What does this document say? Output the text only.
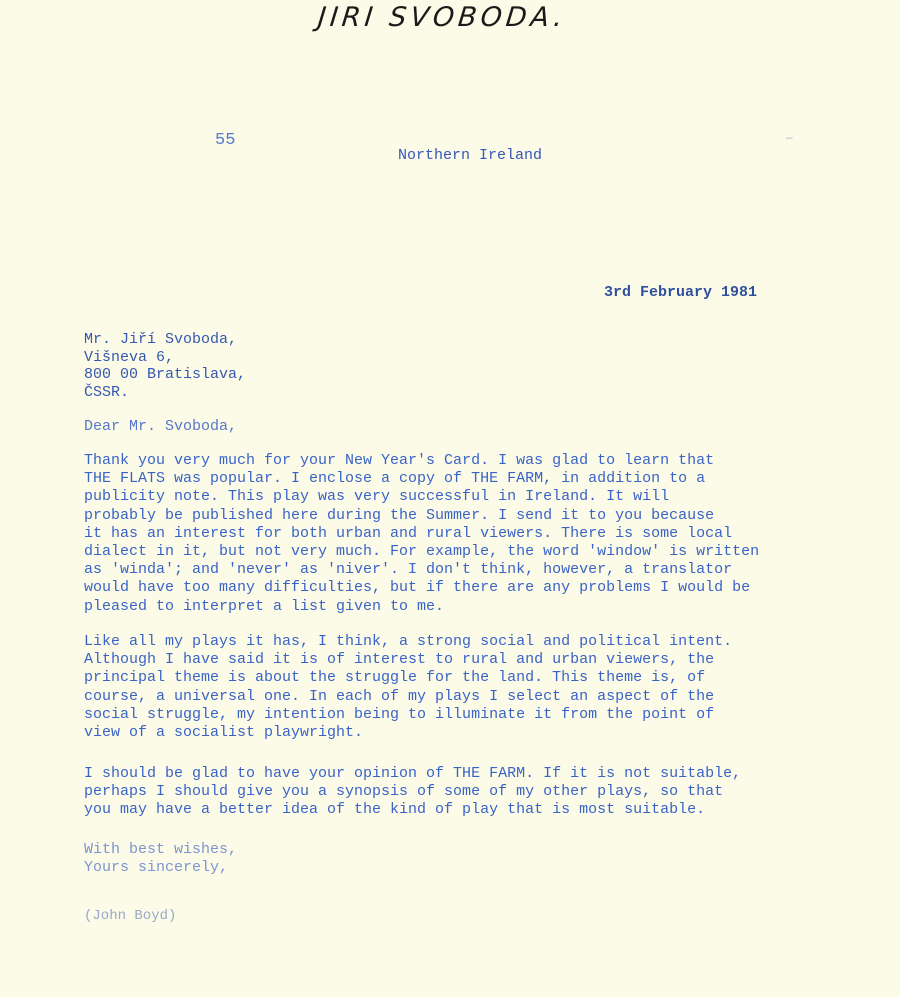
JIRI SVOBODA.
55
Northern Ireland
—
3rd February 1981
Mr. Jiří Svoboda,
Višneva 6,
800 00 Bratislava,
ČSSR.
Dear Mr. Svoboda,
Thank you very much for your New Year's Card. I was glad to learn that
THE FLATS was popular. I enclose a copy of THE FARM, in addition to a
publicity note. This play was very successful in Ireland. It will
probably be published here during the Summer. I send it to you because
it has an interest for both urban and rural viewers. There is some local
dialect in it, but not very much. For example, the word 'window' is written
as 'winda'; and 'never' as 'niver'. I don't think, however, a translator
would have too many difficulties, but if there are any problems I would be
pleased to interpret a list given to me.
Like all my plays it has, I think, a strong social and political intent.
Although I have said it is of interest to rural and urban viewers, the
principal theme is about the struggle for the land. This theme is, of
course, a universal one. In each of my plays I select an aspect of the
social struggle, my intention being to illuminate it from the point of
view of a socialist playwright.
I should be glad to have your opinion of THE FARM. If it is not suitable,
perhaps I should give you a synopsis of some of my other plays, so that
you may have a better idea of the kind of play that is most suitable.
With best wishes,
Yours sincerely,
(John Boyd)
